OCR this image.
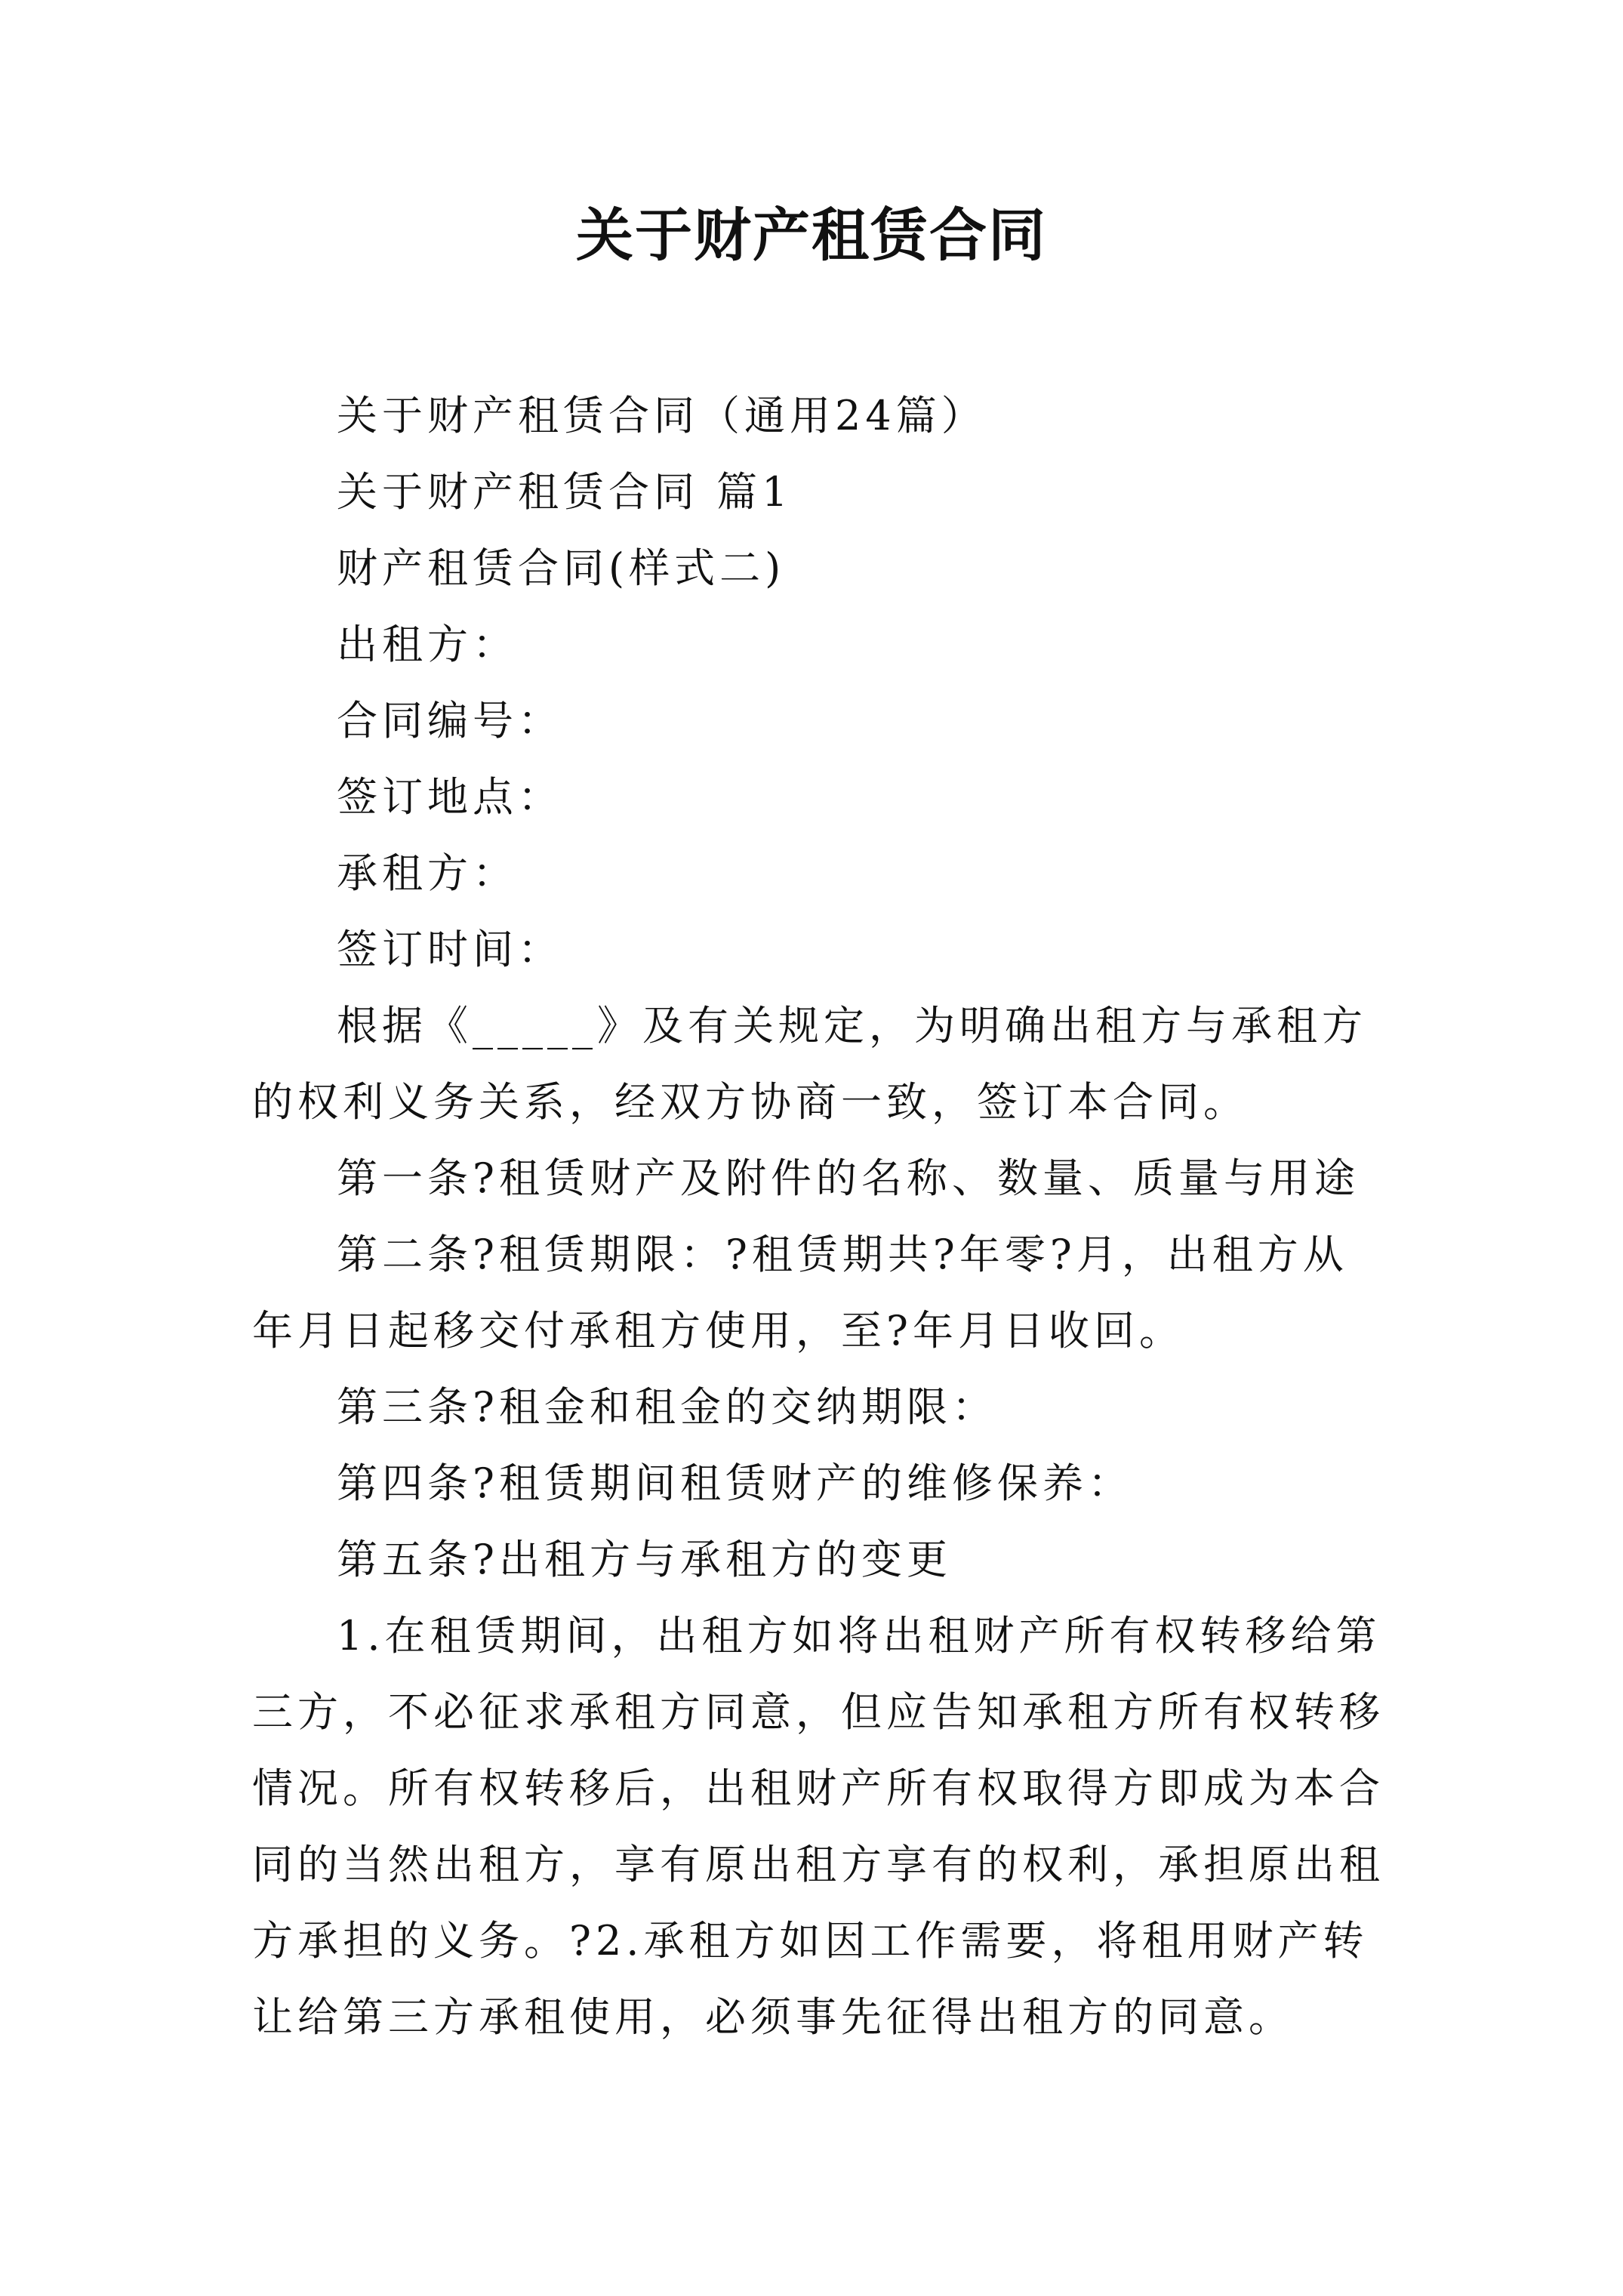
关于财产租赁合同

关于财产租赁合同（通用24篇）

关于财产租赁合同 篇1

财产租赁合同(样式二)

出租方：

合同编号：

签订地点：

承租方：

签订时间：

根据《_____》及有关规定，为明确出租方与承租方的权利义务关系，经双方协商一致，签订本合同。

第一条?租赁财产及附件的名称、数量、质量与用途

第二条?租赁期限：?租赁期共?年零?月，出租方从年月日起移交付承租方使用，至?年月日收回。

第三条?租金和租金的交纳期限：

第四条?租赁期间租赁财产的维修保养：

第五条?出租方与承租方的变更

1.在租赁期间，出租方如将出租财产所有权转移给第三方，不必征求承租方同意，但应告知承租方所有权转移情况。所有权转移后，出租财产所有权取得方即成为本合同的当然出租方，享有原出租方享有的权利，承担原出租方承担的义务。?2.承租方如因工作需要，将租用财产转让给第三方承租使用，必须事先征得出租方的同意。
